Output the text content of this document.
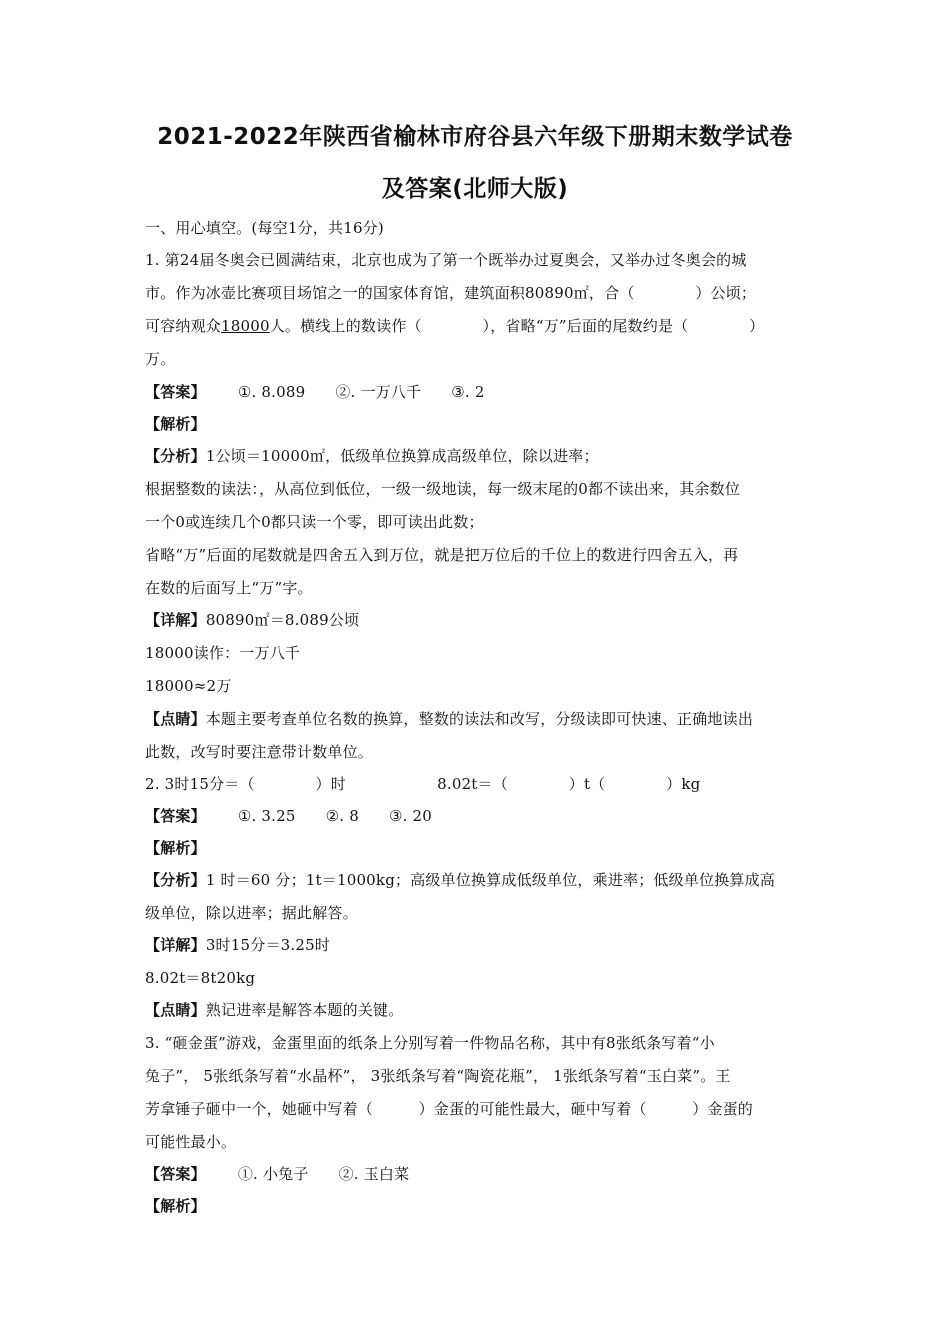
2021-2022年陕西省榆林市府谷县六年级下册期末数学试卷
及答案(北师大版)
一、用心填空。(每空1分，共16分)
1. 第24届冬奥会已圆满结束，北京也成为了第一个既举办过夏奥会，又举办过冬奥会的城
市。作为冰壶比赛项目场馆之一的国家体育馆，建筑面积80890㎡，合（　　　　）公顷；
可容纳观众18000人。横线上的数读作（　　　　），省略“万”后面的尾数约是（　　　　）
万。
【答案】 ①. 8.089 ②. 一万八千 ③. 2
【解析】
【分析】1公顷＝10000㎡，低级单位换算成高级单位，除以进率；
根据整数的读法：，从高位到低位，一级一级地读，每一级末尾的0都不读出来，其余数位
一个0或连续几个0都只读一个零，即可读出此数；
省略“万”后面的尾数就是四舍五入到万位，就是把万位后的千位上的数进行四舍五入，再
在数的后面写上“万”字。
【详解】80890㎡＝8.089公顷
18000读作：一万八千
18000≈2万
【点睛】本题主要考查单位名数的换算，整数的读法和改写，分级读即可快速、正确地读出
此数，改写时要注意带计数单位。
2. 3时15分＝（　　　　）时　　　　　　8.02t＝（　　　　）t（　　　　）kg
【答案】 ①. 3.25 ②. 8 ③. 20
【解析】
【分析】1 时＝60 分；1t＝1000kg；高级单位换算成低级单位，乘进率；低级单位换算成高
级单位，除以进率；据此解答。
【详解】3时15分＝3.25时
8.02t＝8t20kg
【点睛】熟记进率是解答本题的关键。
3. “砸金蛋”游戏，金蛋里面的纸条上分别写着一件物品名称，其中有8张纸条写着“小
兔子”， 5张纸条写着“水晶杯”， 3张纸条写着“陶瓷花瓶”， 1张纸条写着“玉白菜”。王
芳拿锤子砸中一个，她砸中写着（　　　）金蛋的可能性最大，砸中写着（　　　）金蛋的
可能性最小。
【答案】 ①. 小兔子 ②. 玉白菜
【解析】
